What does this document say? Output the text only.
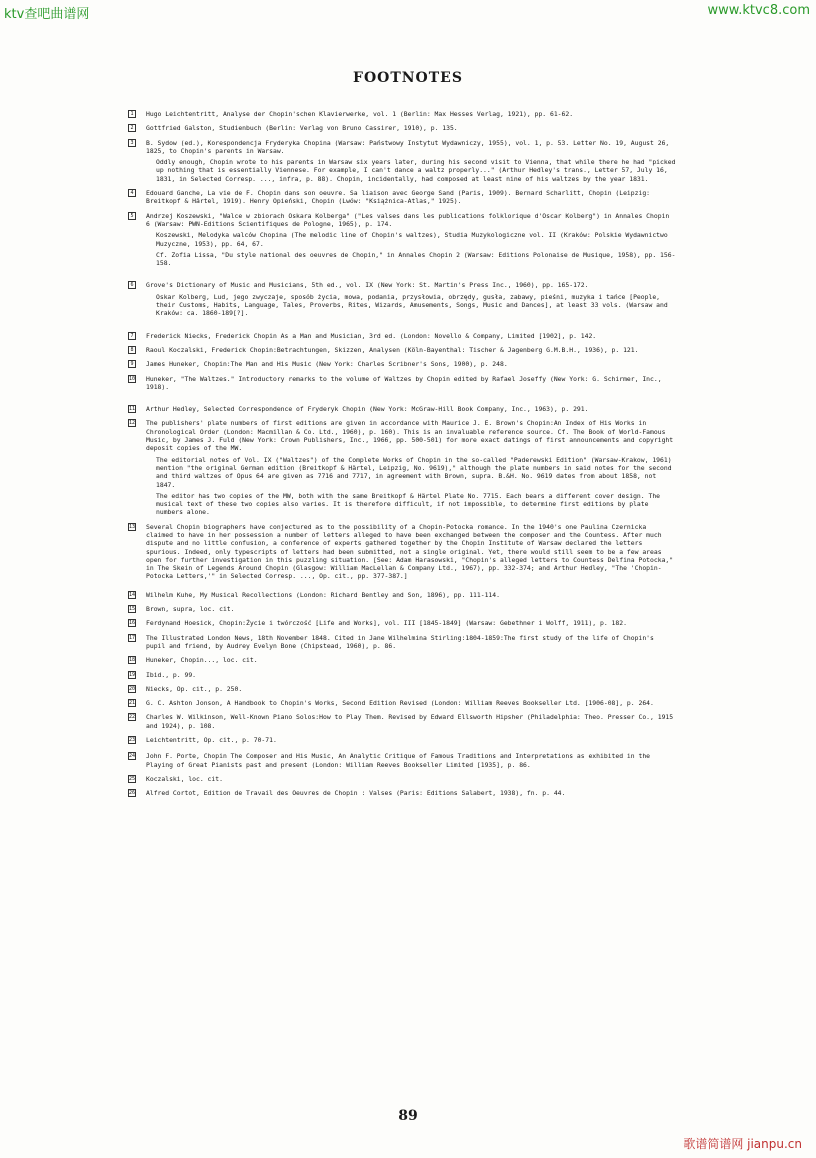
ktv查吧曲谱网	www.ktvc8.com
FOOTNOTES
1	Hugo Leichtentritt, Analyse der Chopin'schen Klavierwerke, vol. 1 (Berlin: Max Hesses Verlag, 1921), pp. 61-62.

2	Gottfried Galston, Studienbuch (Berlin: Verlag von Bruno Cassirer, 1910), p. 135.

3	B. Sydow (ed.), Korespondencja Fryderyka Chopina (Warsaw: Państwowy Instytut Wydawniczy, 1955), vol. 1, p. 53. Letter No. 19, August 26, 1825, to Chopin's parents in Warsaw.

Oddly enough, Chopin wrote to his parents in Warsaw six years later, during his second visit to Vienna, that while there he had "picked up nothing that is essentially Viennese. For example, I can't dance a waltz properly..." (Arthur Hedley's trans., Letter 57, July 16, 1831, in Selected Corresp. ..., infra, p. 88). Chopin, incidentally, had composed at least nine of his waltzes by the year 1831.

4	Edouard Ganche, La vie de F. Chopin dans son oeuvre. Sa liaison avec George Sand (Paris, 1909). Bernard Scharlitt, Chopin (Leipzig: Breitkopf & Härtel, 1919). Henry Opieński, Chopin (Lwów: "Książnica-Atlas," 1925).

5	Andrzej Koszewski, "Walce w zbiorach Oskara Kolberga" ("Les valses dans les publications folklorique d'Oscar Kolberg") in Annales Chopin 6 (Warsaw: PWN-Editions Scientifiques de Pologne, 1965), p. 174.

Koszewski, Melodyka walców Chopina (The melodic line of Chopin's waltzes), Studia Muzykologiczne vol. II (Kraków: Polskie Wydawnictwo Muzyczne, 1953), pp. 64, 67.

Cf. Zofia Lissa, "Du style national des oeuvres de Chopin," in Annales Chopin 2 (Warsaw: Editions Polonaise de Musique, 1958), pp. 156-158.

6	Grove's Dictionary of Music and Musicians, 5th ed., vol. IX (New York: St. Martin's Press Inc., 1960), pp. 165-172.

Oskar Kolberg, Lud, jego zwyczaje, sposób życia, mowa, podania, przysłowia, obrzędy, gusła, zabawy, pieśni, muzyka i tańce [People, their Customs, Habits, Language, Tales, Proverbs, Rites, Wizards, Amusements, Songs, Music and Dances], at least 33 vols. (Warsaw and Kraków: ca. 1860-189[?].

7	Frederick Niecks, Frederick Chopin As a Man and Musician, 3rd ed. (London: Novello & Company, Limited [1902], p. 142.

8	Raoul Koczalski, Frederick Chopin:Betrachtungen, Skizzen, Analysen (Köln-Bayenthal: Tischer & Jagenberg G.M.B.H., 1936), p. 121.

9	James Huneker, Chopin:The Man and His Music (New York: Charles Scribner's Sons, 1900), p. 248.

10 Huneker, "The Waltzes." Introductory remarks to the volume of Waltzes by Chopin edited by Rafael Joseffy (New York: G. Schirmer, Inc., 1918).

11 Arthur Hedley, Selected Correspondence of Fryderyk Chopin (New York: McGraw-Hill Book Company, Inc., 1963), p. 291.

12 The publishers' plate numbers of first editions are given in accordance with Maurice J. E. Brown's Chopin:An Index of His Works in Chronological Order (London: Macmillan & Co. Ltd., 1960), p. 160). This is an invaluable reference source. Cf. The Book of World-Famous Music, by James J. Fuld (New York: Crown Publishers, Inc., 1966, pp. 500-501) for more exact datings of first announcements and copyright deposit copies of the MW.

The editorial notes of Vol. IX ("Waltzes") of the Complete Works of Chopin in the so-called "Paderewski Edition" (Warsaw-Krakow, 1961) mention "the original German edition (Breitkopf & Härtel, Leipzig, No. 9619)," although the plate numbers in said notes for the second and third waltzes of Opus 64 are given as 7716 and 7717, in agreement with Brown, supra. B.&H. No. 9619 dates from about 1858, not 1847.

The editor has two copies of the MW, both with the same Breitkopf & Härtel Plate No. 7715. Each bears a different cover design. The musical text of these two copies also varies. It is therefore difficult, if not impossible, to determine first editions by plate numbers alone.

13 Several Chopin biographers have conjectured as to the possibility of a Chopin-Potocka romance. In the 1940's one Paulina Czernicka claimed to have in her possession a number of letters alleged to have been exchanged between the composer and the Countess. After much dispute and no little confusion, a conference of experts gathered together by the Chopin Institute of Warsaw declared the letters spurious. Indeed, only typescripts of letters had been submitted, not a single original. Yet, there would still seem to be a few areas open for further investigation in this puzzling situation. [See: Adam Harasowski, "Chopin's alleged letters to Countess Delfina Potocka," in The Skein of Legends Around Chopin (Glasgow: William MacLellan & Company Ltd., 1967), pp. 332-374; and Arthur Hedley, "The 'Chopin-Potocka Letters,'" in Selected Corresp. ..., Op. cit., pp. 377-387.]

14 Wilhelm Kuhe, My Musical Recollections (London: Richard Bentley and Son, 1896), pp. 111-114.

15 Brown, supra, loc. cit.

16 Ferdynand Hoesick, Chopin:Życie i twórczość [Life and Works], vol. III [1845-1849] (Warsaw: Gebethner i Wolff, 1911), p. 182.

17 The Illustrated London News, 18th November 1848. Cited in Jane Wilhelmina Stirling:1804-1859:The first study of the life of Chopin's pupil and friend, by Audrey Evelyn Bone (Chipstead, 1960), p. 86.

18 Huneker, Chopin..., loc. cit.

19 Ibid., p. 99.

20 Niecks, Op. cit., p. 250.

21 G. C. Ashton Jonson, A Handbook to Chopin's Works, Second Edition Revised (London: William Reeves Bookseller Ltd. [1906-08], p. 264.

22 Charles W. Wilkinson, Well-Known Piano Solos:How to Play Them. Revised by Edward Ellsworth Hipsher (Philadelphia: Theo. Presser Co., 1915 and 1924), p. 108.

23 Leichtentritt, Op. cit., p. 70-71.

24 John F. Porte, Chopin The Composer and His Music, An Analytic Critique of Famous Traditions and Interpretations as exhibited in the Playing of Great Pianists past and present (London: William Reeves Bookseller Limited [1935], p. 86.

25 Koczalski, loc. cit.

26 Alfred Cortot, Edition de Travail des Oeuvres de Chopin : Valses (Paris: Editions Salabert, 1938), fn. p. 44.

89
歌谱简谱网 jianpu.cn
